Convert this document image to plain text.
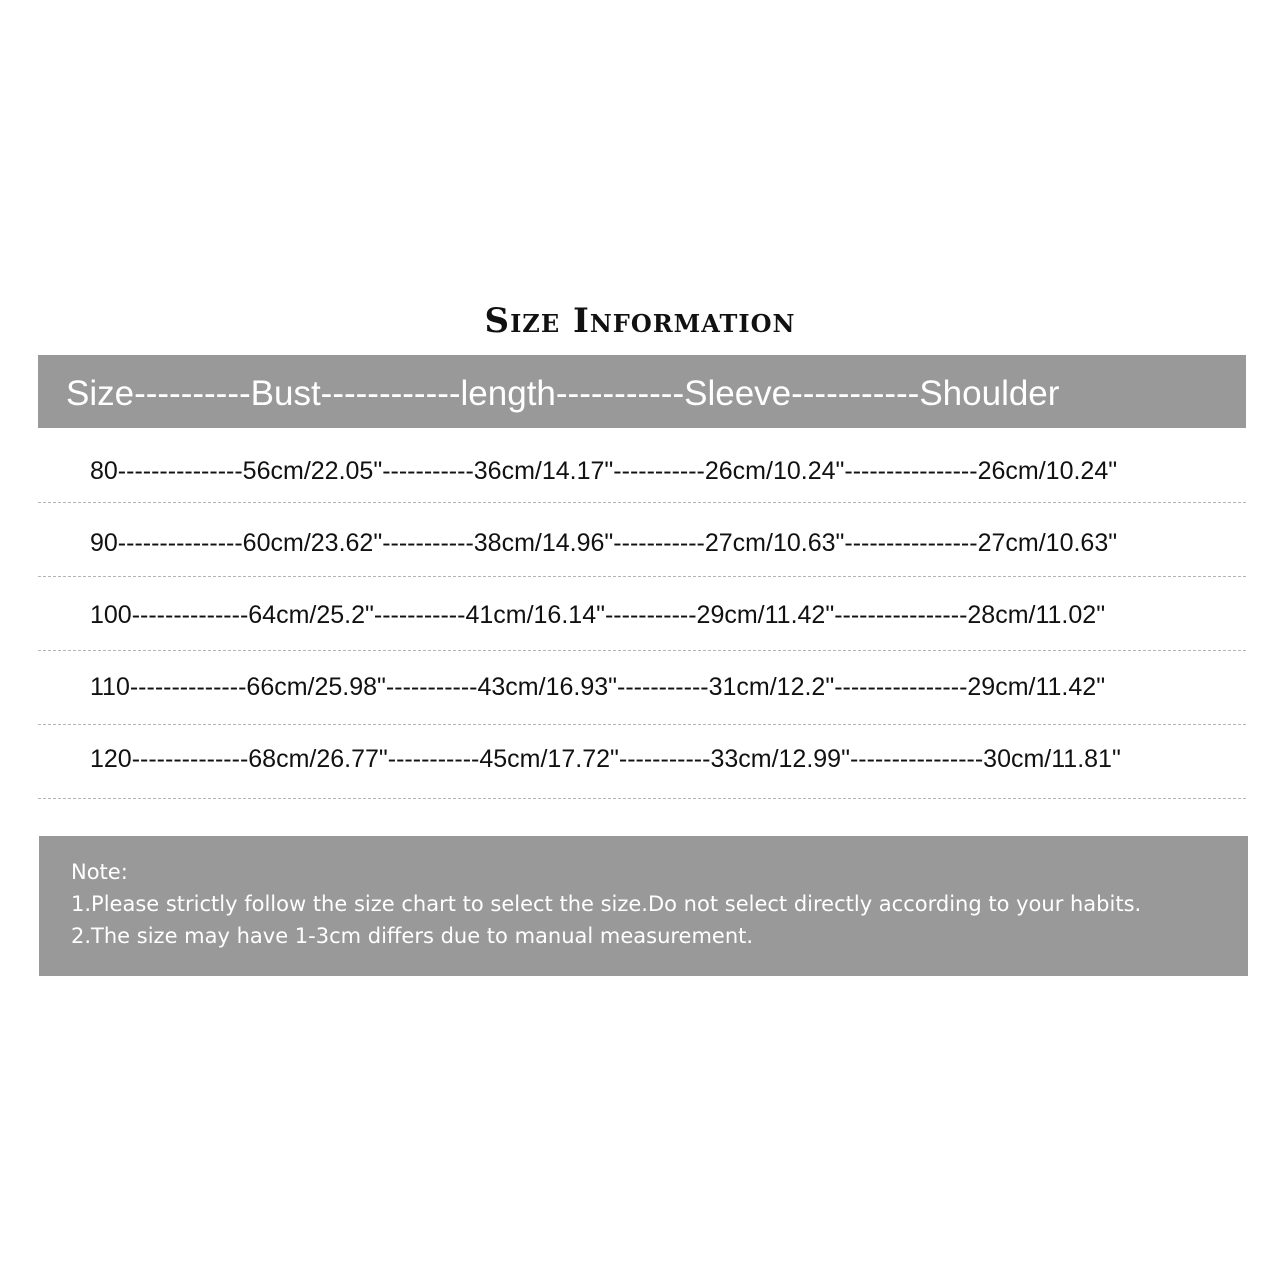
Size Information
Size----------Bust------------length-----------Sleeve-----------Shoulder
80---------------56cm/22.05"-----------36cm/14.17"-----------26cm/10.24"----------------26cm/10.24"
90---------------60cm/23.62"-----------38cm/14.96"-----------27cm/10.63"----------------27cm/10.63"
100--------------64cm/25.2"-----------41cm/16.14"-----------29cm/11.42"----------------28cm/11.02"
110--------------66cm/25.98"-----------43cm/16.93"-----------31cm/12.2"----------------29cm/11.42"
120--------------68cm/26.77"-----------45cm/17.72"-----------33cm/12.99"----------------30cm/11.81"
Note:
1.Please strictly follow the size chart to select the size.Do not select directly according to your habits.
2.The size may have 1-3cm differs due to manual measurement.
